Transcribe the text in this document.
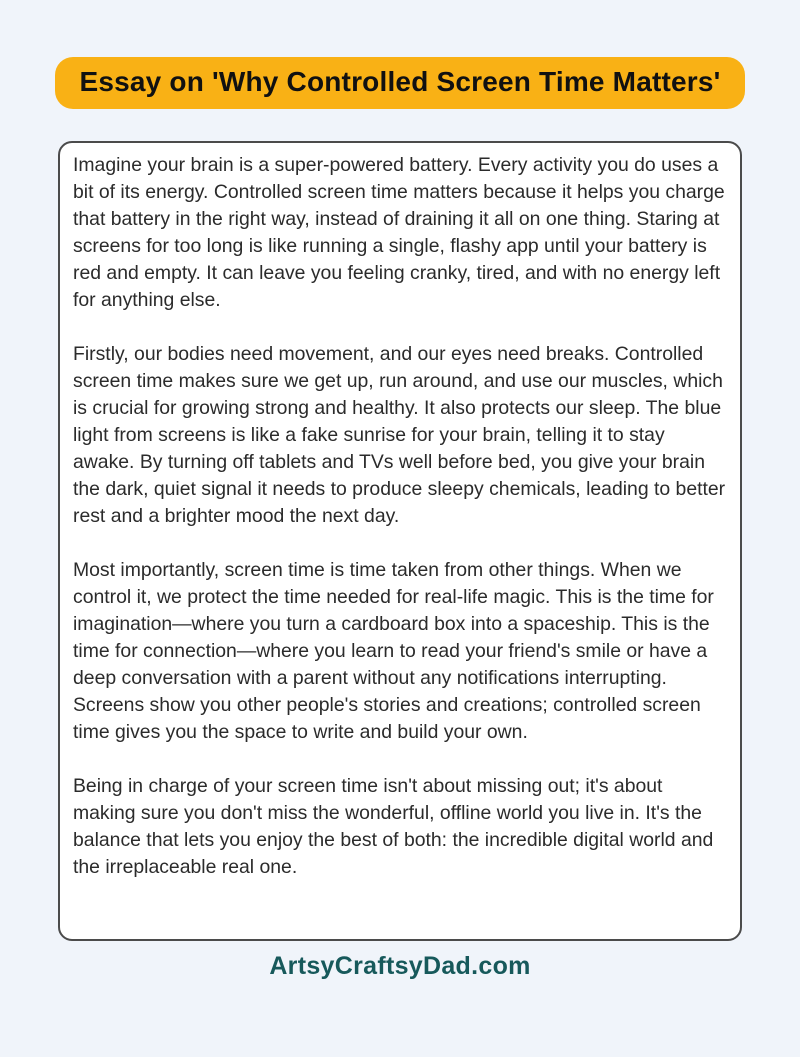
Essay on 'Why Controlled Screen Time Matters'

Imagine your brain is a super-powered battery. Every activity you do uses a bit of its energy. Controlled screen time matters because it helps you charge that battery in the right way, instead of draining it all on one thing. Staring at screens for too long is like running a single, flashy app until your battery is red and empty. It can leave you feeling cranky, tired, and with no energy left for anything else.

Firstly, our bodies need movement, and our eyes need breaks. Controlled screen time makes sure we get up, run around, and use our muscles, which is crucial for growing strong and healthy. It also protects our sleep. The blue light from screens is like a fake sunrise for your brain, telling it to stay awake. By turning off tablets and TVs well before bed, you give your brain the dark, quiet signal it needs to produce sleepy chemicals, leading to better rest and a brighter mood the next day.

Most importantly, screen time is time taken from other things. When we control it, we protect the time needed for real-life magic. This is the time for imagination—where you turn a cardboard box into a spaceship. This is the time for connection—where you learn to read your friend's smile or have a deep conversation with a parent without any notifications interrupting. Screens show you other people's stories and creations; controlled screen time gives you the space to write and build your own.

Being in charge of your screen time isn't about missing out; it's about making sure you don't miss the wonderful, offline world you live in. It's the balance that lets you enjoy the best of both: the incredible digital world and the irreplaceable real one.

ArtsyCraftsyDad.com
